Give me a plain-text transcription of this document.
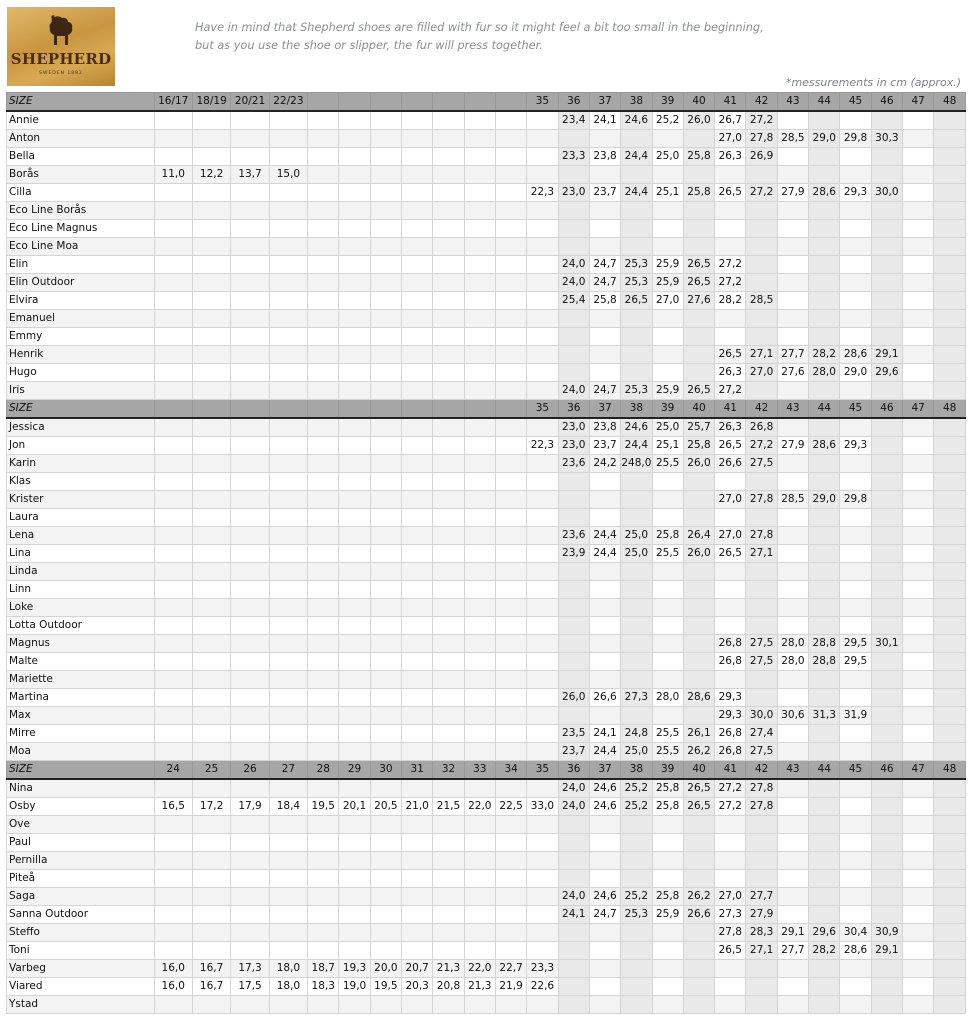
SHEPHERD
SWEDEN 1882
Have in mind that Shepherd shoes are filled with fur so it might feel a bit too small in the beginning,
but as you use the shoe or slipper, the fur will press together.
*messurements in cm (approx.)
SIZE	16/17	18/19	20/21	22/23								35	36	37	38	39	40	41	42	43	44	45	46	47	48
Annie													23,4	24,1	24,6	25,2	26,0	26,7	27,2						
Anton																		27,0	27,8	28,5	29,0	29,8	30,3		
Bella													23,3	23,8	24,4	25,0	25,8	26,3	26,9						
Borås	11,0	12,2	13,7	15,0																					
Cilla												22,3	23,0	23,7	24,4	25,1	25,8	26,5	27,2	27,9	28,6	29,3	30,0		
Eco Line Borås																									
Eco Line Magnus																									
Eco Line Moa																									
Elin													24,0	24,7	25,3	25,9	26,5	27,2							
Elin Outdoor													24,0	24,7	25,3	25,9	26,5	27,2							
Elvira													25,4	25,8	26,5	27,0	27,6	28,2	28,5						
Emanuel																									
Emmy																									
Henrik																		26,5	27,1	27,7	28,2	28,6	29,1		
Hugo																		26,3	27,0	27,6	28,0	29,0	29,6		
Iris													24,0	24,7	25,3	25,9	26,5	27,2							
SIZE												35	36	37	38	39	40	41	42	43	44	45	46	47	48
Jessica													23,0	23,8	24,6	25,0	25,7	26,3	26,8						
Jon												22,3	23,0	23,7	24,4	25,1	25,8	26,5	27,2	27,9	28,6	29,3			
Karin													23,6	24,2	248,0	25,5	26,0	26,6	27,5						
Klas																									
Krister																		27,0	27,8	28,5	29,0	29,8			
Laura																									
Lena													23,6	24,4	25,0	25,8	26,4	27,0	27,8						
Lina													23,9	24,4	25,0	25,5	26,0	26,5	27,1						
Linda																									
Linn																									
Loke																									
Lotta Outdoor																									
Magnus																		26,8	27,5	28,0	28,8	29,5	30,1		
Malte																		26,8	27,5	28,0	28,8	29,5			
Mariette																									
Martina													26,0	26,6	27,3	28,0	28,6	29,3							
Max																		29,3	30,0	30,6	31,3	31,9			
Mirre													23,5	24,1	24,8	25,5	26,1	26,8	27,4						
Moa													23,7	24,4	25,0	25,5	26,2	26,8	27,5						
SIZE	24	25	26	27	28	29	30	31	32	33	34	35	36	37	38	39	40	41	42	43	44	45	46	47	48
Nina													24,0	24,6	25,2	25,8	26,5	27,2	27,8						
Osby	16,5	17,2	17,9	18,4	19,5	20,1	20,5	21,0	21,5	22,0	22,5	33,0	24,0	24,6	25,2	25,8	26,5	27,2	27,8						
Ove																									
Paul																									
Pernilla																									
Piteå																									
Saga													24,0	24,6	25,2	25,8	26,2	27,0	27,7						
Sanna Outdoor													24,1	24,7	25,3	25,9	26,6	27,3	27,9						
Steffo																		27,8	28,3	29,1	29,6	30,4	30,9		
Toni																		26,5	27,1	27,7	28,2	28,6	29,1		
Varbeg	16,0	16,7	17,3	18,0	18,7	19,3	20,0	20,7	21,3	22,0	22,7	23,3													
Viared	16,0	16,7	17,5	18,0	18,3	19,0	19,5	20,3	20,8	21,3	21,9	22,6													
Ystad																									
